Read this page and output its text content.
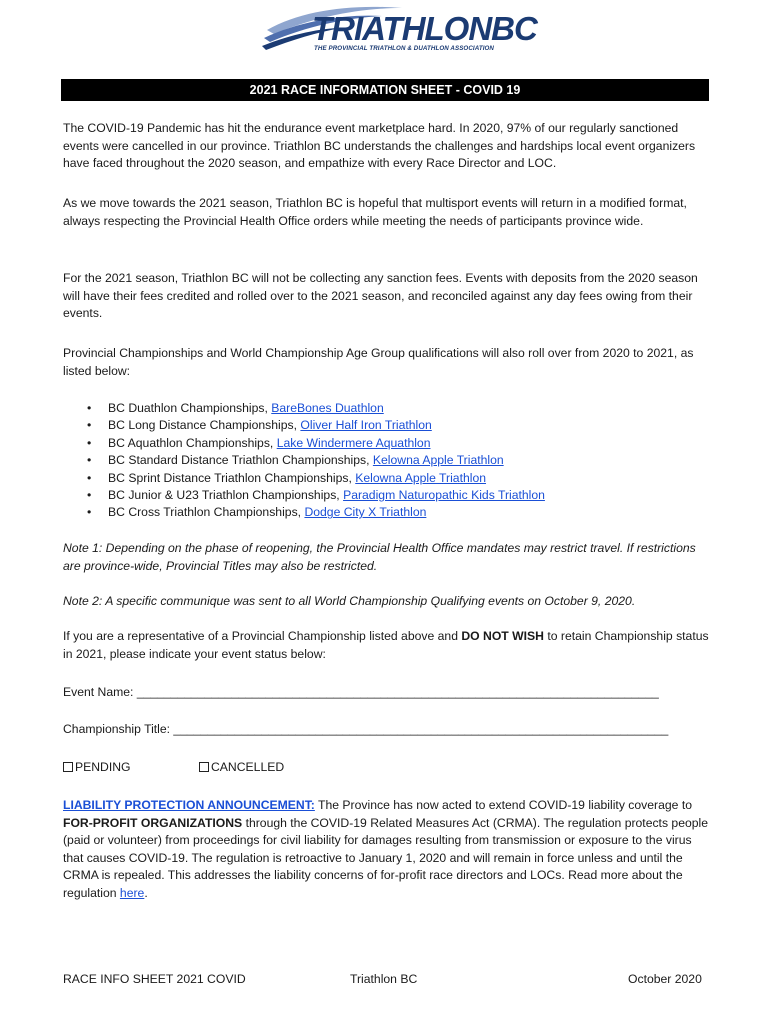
TRIATHLONBC
THE PROVINCIAL TRIATHLON & DUATHLON ASSOCIATION
2021 RACE INFORMATION SHEET - COVID 19

The COVID-19 Pandemic has hit the endurance event marketplace hard. In 2020, 97% of our regularly sanctioned events were cancelled in our province. Triathlon BC understands the challenges and hardships local event organizers have faced throughout the 2020 season, and empathize with every Race Director and LOC.

As we move towards the 2021 season, Triathlon BC is hopeful that multisport events will return in a modified format, always respecting the Provincial Health Office orders while meeting the needs of participants province wide.

For the 2021 season, Triathlon BC will not be collecting any sanction fees. Events with deposits from the 2020 season will have their fees credited and rolled over to the 2021 season, and reconciled against any day fees owing from their events.

Provincial Championships and World Championship Age Group qualifications will also roll over from 2020 to 2021, as listed below:

• BC Duathlon Championships, BareBones Duathlon
• BC Long Distance Championships, Oliver Half Iron Triathlon
• BC Aquathlon Championships, Lake Windermere Aquathlon
• BC Standard Distance Triathlon Championships, Kelowna Apple Triathlon
• BC Sprint Distance Triathlon Championships, Kelowna Apple Triathlon
• BC Junior & U23 Triathlon Championships, Paradigm Naturopathic Kids Triathlon
• BC Cross Triathlon Championships, Dodge City X Triathlon

Note 1: Depending on the phase of reopening, the Provincial Health Office mandates may restrict travel. If restrictions are province-wide, Provincial Titles may also be restricted.

Note 2: A specific communique was sent to all World Championship Qualifying events on October 9, 2020.

If you are a representative of a Provincial Championship listed above and DO NOT WISH to retain Championship status in 2021, please indicate your event status below:

Event Name: _____________________________________________________________________________
Championship Title: _________________________________________________________________________
PENDING	CANCELLED

LIABILITY PROTECTION ANNOUNCEMENT: The Province has now acted to extend COVID-19 liability coverage to FOR-PROFIT ORGANIZATIONS through the COVID-19 Related Measures Act (CRMA). The regulation protects people (paid or volunteer) from proceedings for civil liability for damages resulting from transmission or exposure to the virus that causes COVID-19. The regulation is retroactive to January 1, 2020 and will remain in force unless and until the CRMA is repealed. This addresses the liability concerns of for-profit race directors and LOCs. Read more about the regulation here.

RACE INFO SHEET 2021 COVID	Triathlon BC	October 2020
